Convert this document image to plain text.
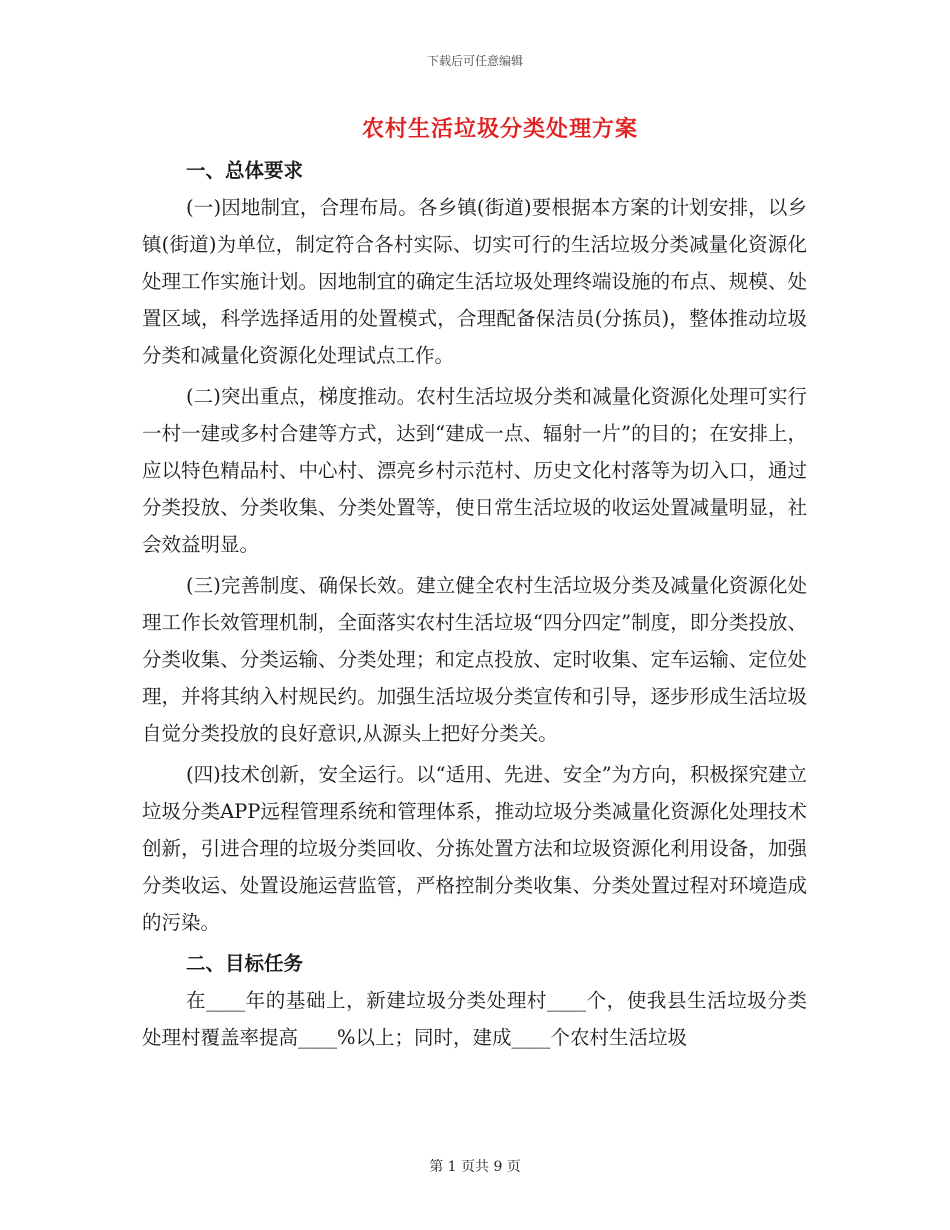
下载后可任意编辑
农村生活垃圾分类处理方案

一、总体要求

(一)因地制宜，合理布局。各乡镇(街道)要根据本方案的计划安排，以乡镇(街道)为单位，制定符合各村实际、切实可行的生活垃圾分类减量化资源化处理工作实施计划。因地制宜的确定生活垃圾处理终端设施的布点、规模、处置区域，科学选择适用的处置模式，合理配备保洁员(分拣员)，整体推动垃圾分类和减量化资源化处理试点工作。

(二)突出重点，梯度推动。农村生活垃圾分类和减量化资源化处理可实行一村一建或多村合建等方式，达到“建成一点、辐射一片”的目的；在安排上，应以特色精品村、中心村、漂亮乡村示范村、历史文化村落等为切入口，通过分类投放、分类收集、分类处置等，使日常生活垃圾的收运处置减量明显，社会效益明显。

(三)完善制度、确保长效。建立健全农村生活垃圾分类及减量化资源化处理工作长效管理机制，全面落实农村生活垃圾“四分四定”制度，即分类投放、分类收集、分类运输、分类处理；和定点投放、定时收集、定车运输、定位处理，并将其纳入村规民约。加强生活垃圾分类宣传和引导，逐步形成生活垃圾自觉分类投放的良好意识,从源头上把好分类关。

(四)技术创新，安全运行。以“适用、先进、安全”为方向，积极探究建立垃圾分类APP远程管理系统和管理体系，推动垃圾分类减量化资源化处理技术创新，引进合理的垃圾分类回收、分拣处置方法和垃圾资源化利用设备，加强分类收运、处置设施运营监管，严格控制分类收集、分类处置过程对环境造成的污染。

二、目标任务

在____年的基础上，新建垃圾分类处理村____个，使我县生活垃圾分类处理村覆盖率提高____%以上；同时，建成____个农村生活垃圾

第 1 页共 9 页
